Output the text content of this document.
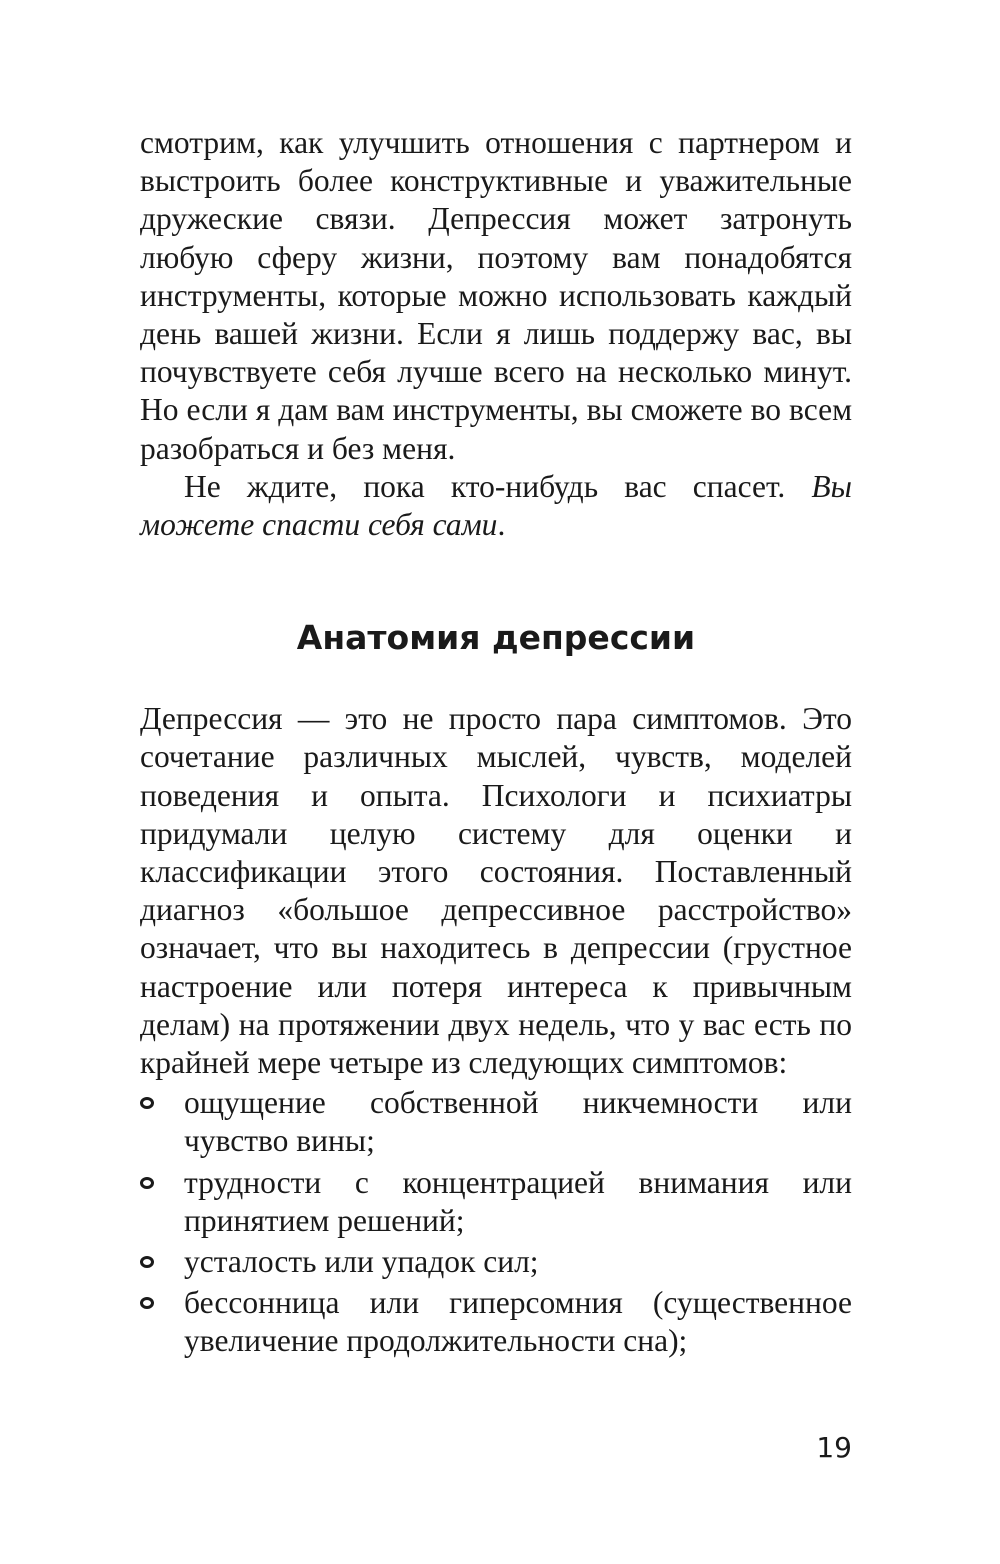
смотрим, как улучшить отношения с партнером и выстроить более конструктивные и уважительные дружеские связи. Депрессия может затронуть любую сферу жизни, поэтому вам понадобятся инструменты, которые можно использовать каждый день вашей жизни. Если я лишь поддержу вас, вы почувствуете себя лучше всего на несколько минут. Но если я дам вам инструменты, вы сможете во всем разобраться и без меня.

Не ждите, пока кто-нибудь вас спасет. Вы можете спасти себя сами.

Анатомия депрессии

Депрессия — это не просто пара симптомов. Это сочетание различных мыслей, чувств, моделей поведения и опыта. Психологи и психиатры придумали целую систему для оценки и классификации этого состояния. Поставленный диагноз «большое депрессивное расстройство» означает, что вы находитесь в депрессии (грустное настроение или потеря интереса к привычным делам) на протяжении двух недель, что у вас есть по крайней мере четыре из следующих симптомов:

ощущение собственной никчемности или чувство вины;
трудности с концентрацией внимания или принятием решений;
усталость или упадок сил;
бессонница или гиперсомния (существенное увеличение продолжительности сна);
19
